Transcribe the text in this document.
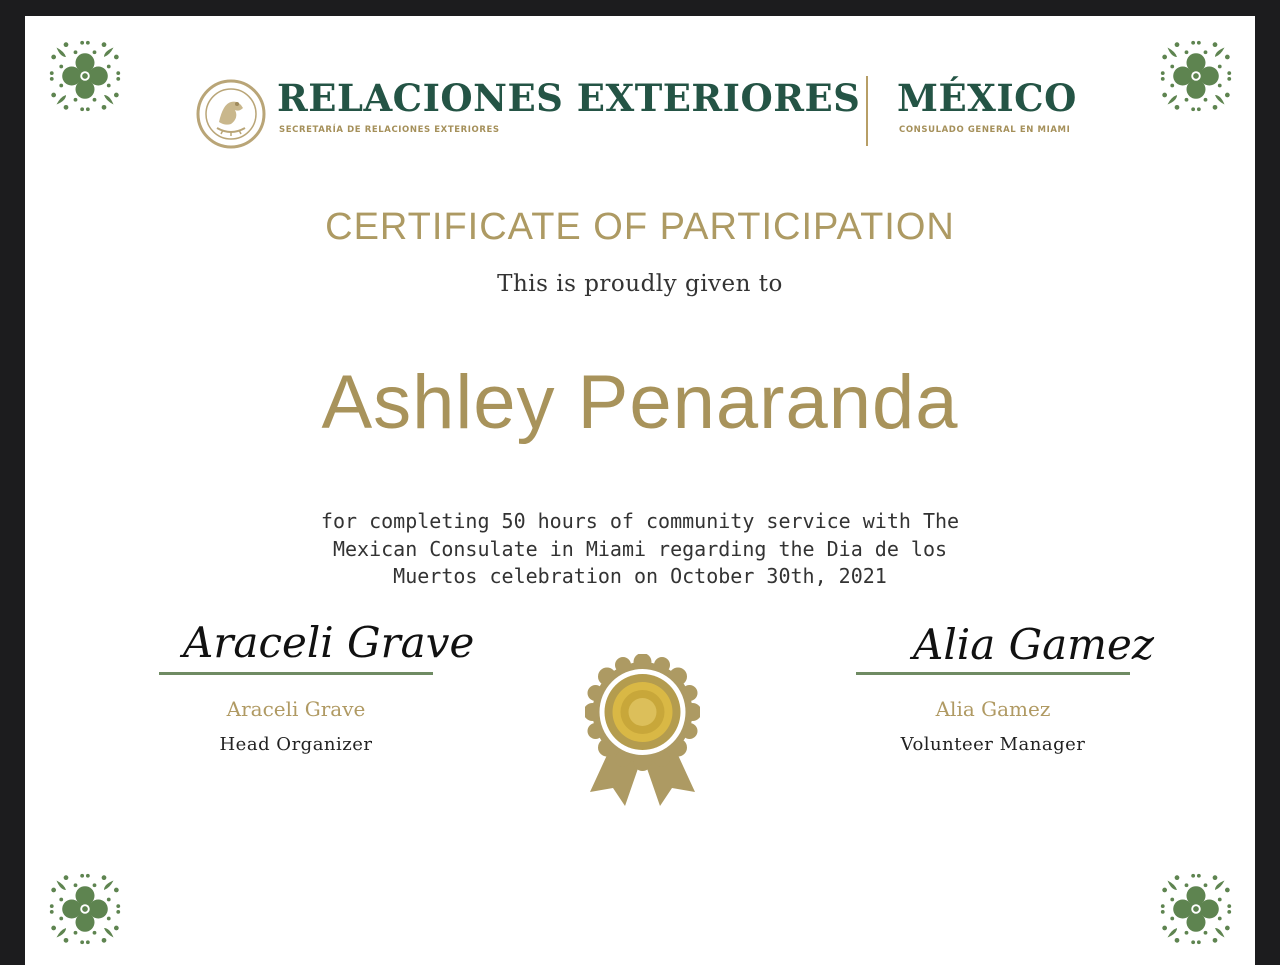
RELACIONES EXTERIORES
SECRETARÍA DE RELACIONES EXTERIORES
MÉXICO
CONSULADO GENERAL EN MIAMI
CERTIFICATE OF PARTICIPATION
This is proudly given to
Ashley Penaranda
for completing 50 hours of community service with The
Mexican Consulate in Miami regarding the Dia de los
Muertos celebration on October 30th, 2021
Araceli Grave
Araceli Grave
Head Organizer
Alia Gamez
Alia Gamez
Volunteer Manager
